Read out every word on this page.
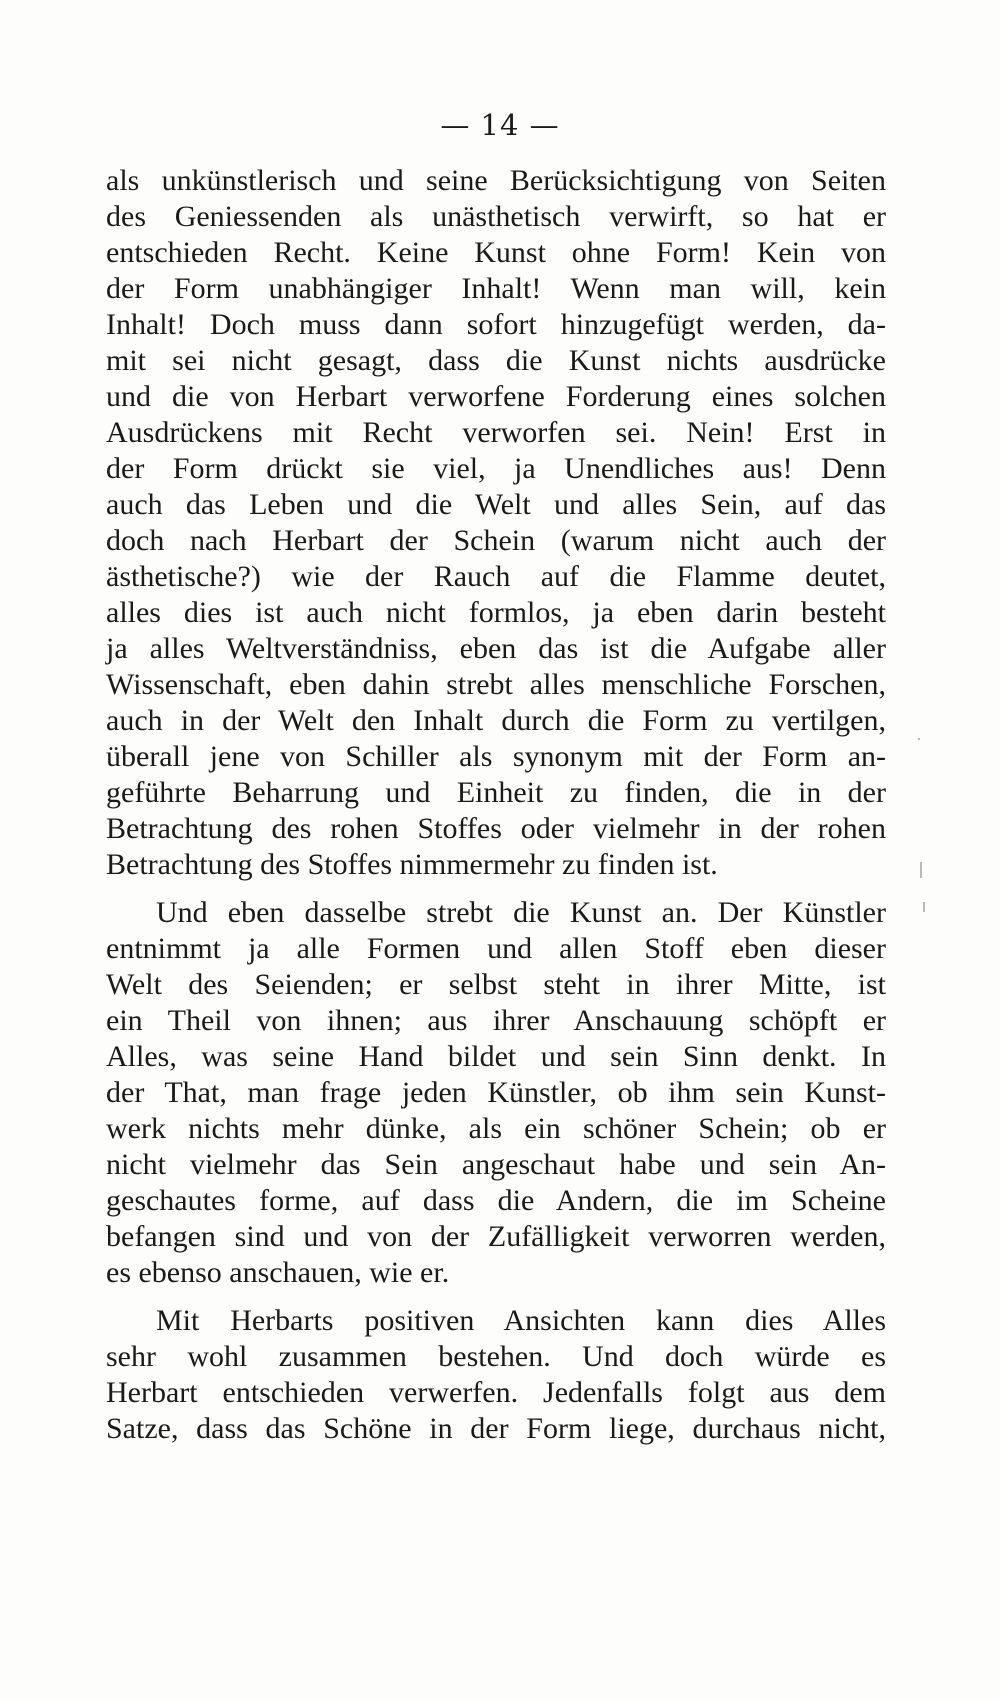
— 14 —
als unkünstlerisch und seine Berücksichtigung von Seiten
des Geniessenden als unästhetisch verwirft, so hat er
entschieden Recht. Keine Kunst ohne Form! Kein von
der Form unabhängiger Inhalt! Wenn man will, kein
Inhalt! Doch muss dann sofort hinzugefügt werden, da-
mit sei nicht gesagt, dass die Kunst nichts ausdrücke
und die von Herbart verworfene Forderung eines solchen
Ausdrückens mit Recht verworfen sei. Nein! Erst in
der Form drückt sie viel, ja Unendliches aus! Denn
auch das Leben und die Welt und alles Sein, auf das
doch nach Herbart der Schein (warum nicht auch der
ästhetische?) wie der Rauch auf die Flamme deutet,
alles dies ist auch nicht formlos, ja eben darin besteht
ja alles Weltverständniss, eben das ist die Aufgabe aller
Wissenschaft, eben dahin strebt alles menschliche Forschen,
auch in der Welt den Inhalt durch die Form zu vertilgen,
überall jene von Schiller als synonym mit der Form an-
geführte Beharrung und Einheit zu finden, die in der
Betrachtung des rohen Stoffes oder vielmehr in der rohen
Betrachtung des Stoffes nimmermehr zu finden ist.
Und eben dasselbe strebt die Kunst an. Der Künstler
entnimmt ja alle Formen und allen Stoff eben dieser
Welt des Seienden; er selbst steht in ihrer Mitte, ist
ein Theil von ihnen; aus ihrer Anschauung schöpft er
Alles, was seine Hand bildet und sein Sinn denkt. In
der That, man frage jeden Künstler, ob ihm sein Kunst-
werk nichts mehr dünke, als ein schöner Schein; ob er
nicht vielmehr das Sein angeschaut habe und sein An-
geschautes forme, auf dass die Andern, die im Scheine
befangen sind und von der Zufälligkeit verworren werden,
es ebenso anschauen, wie er.
Mit Herbarts positiven Ansichten kann dies Alles
sehr wohl zusammen bestehen. Und doch würde es
Herbart entschieden verwerfen. Jedenfalls folgt aus dem
Satze, dass das Schöne in der Form liege, durchaus nicht,
